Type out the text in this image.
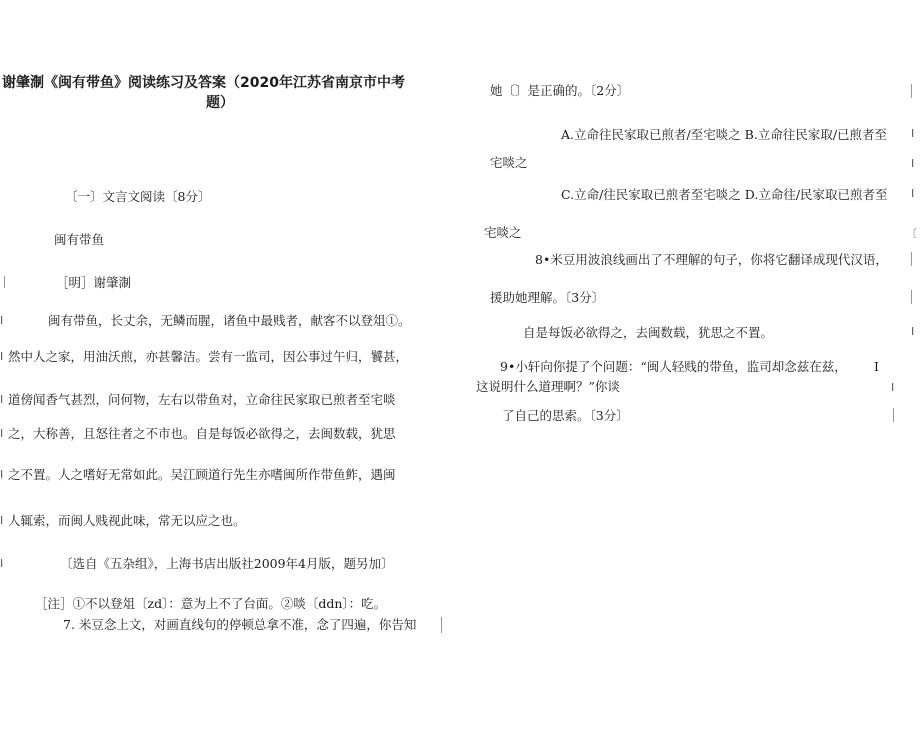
谢肇淛《闽有带鱼》阅读练习及答案（2020年江苏省南京市中考
题）
〔一〕文言文阅读〔8分〕
闽有带鱼
［明］谢肇淛
闽有带鱼，长丈余，无鳞而腥，诸鱼中最贱者，献客不以登俎①。
然中人之家，用油沃煎，亦甚馨洁。尝有一监司，因公事过午归，饕甚，
道傍闻香气甚烈，问何物，左右以带鱼对，立命往民家取已煎者至宅啖
之，大称善，且怒往者之不市也。自是每饭必欲得之，去闽数载，犹思
之不置。人之嗜好无常如此。吴江顾道行先生亦嗜闽所作带鱼鲊，遇闽
人辄索，而闽人贱视此味，常无以应之也。
〔选自《五杂组》，上海书店出版社2009年4月版，题另加〕
［注］①不以登俎〔zd〕：意为上不了台面。②啖〔ddn〕：吃。
7. 米豆念上文，对画直线句的停顿总拿不准，念了四遍，你告知
I
I
I
I
I
I
I
她〔〕是正确的。〔2分〕
A.立命往民家取已煎者/至宅啖之 B.立命往民家取/已煎者至
宅啖之
C.立命/往民家取已煎者至宅啖之 D.立命往/民家取已煎者至
宅啖之
8•米豆用波浪线画出了不理解的句子，你将它翻译成现代汉语，
援助她理解。〔3分〕
自是每饭必欲得之，去闽数载，犹思之不置。
9•小轩向你提了个问题：“闽人轻贱的带鱼，监司却念兹在兹， I
这说明什么道理啊？”你谈
了自己的思索。〔3分〕
I
I
I
〔
I
I
